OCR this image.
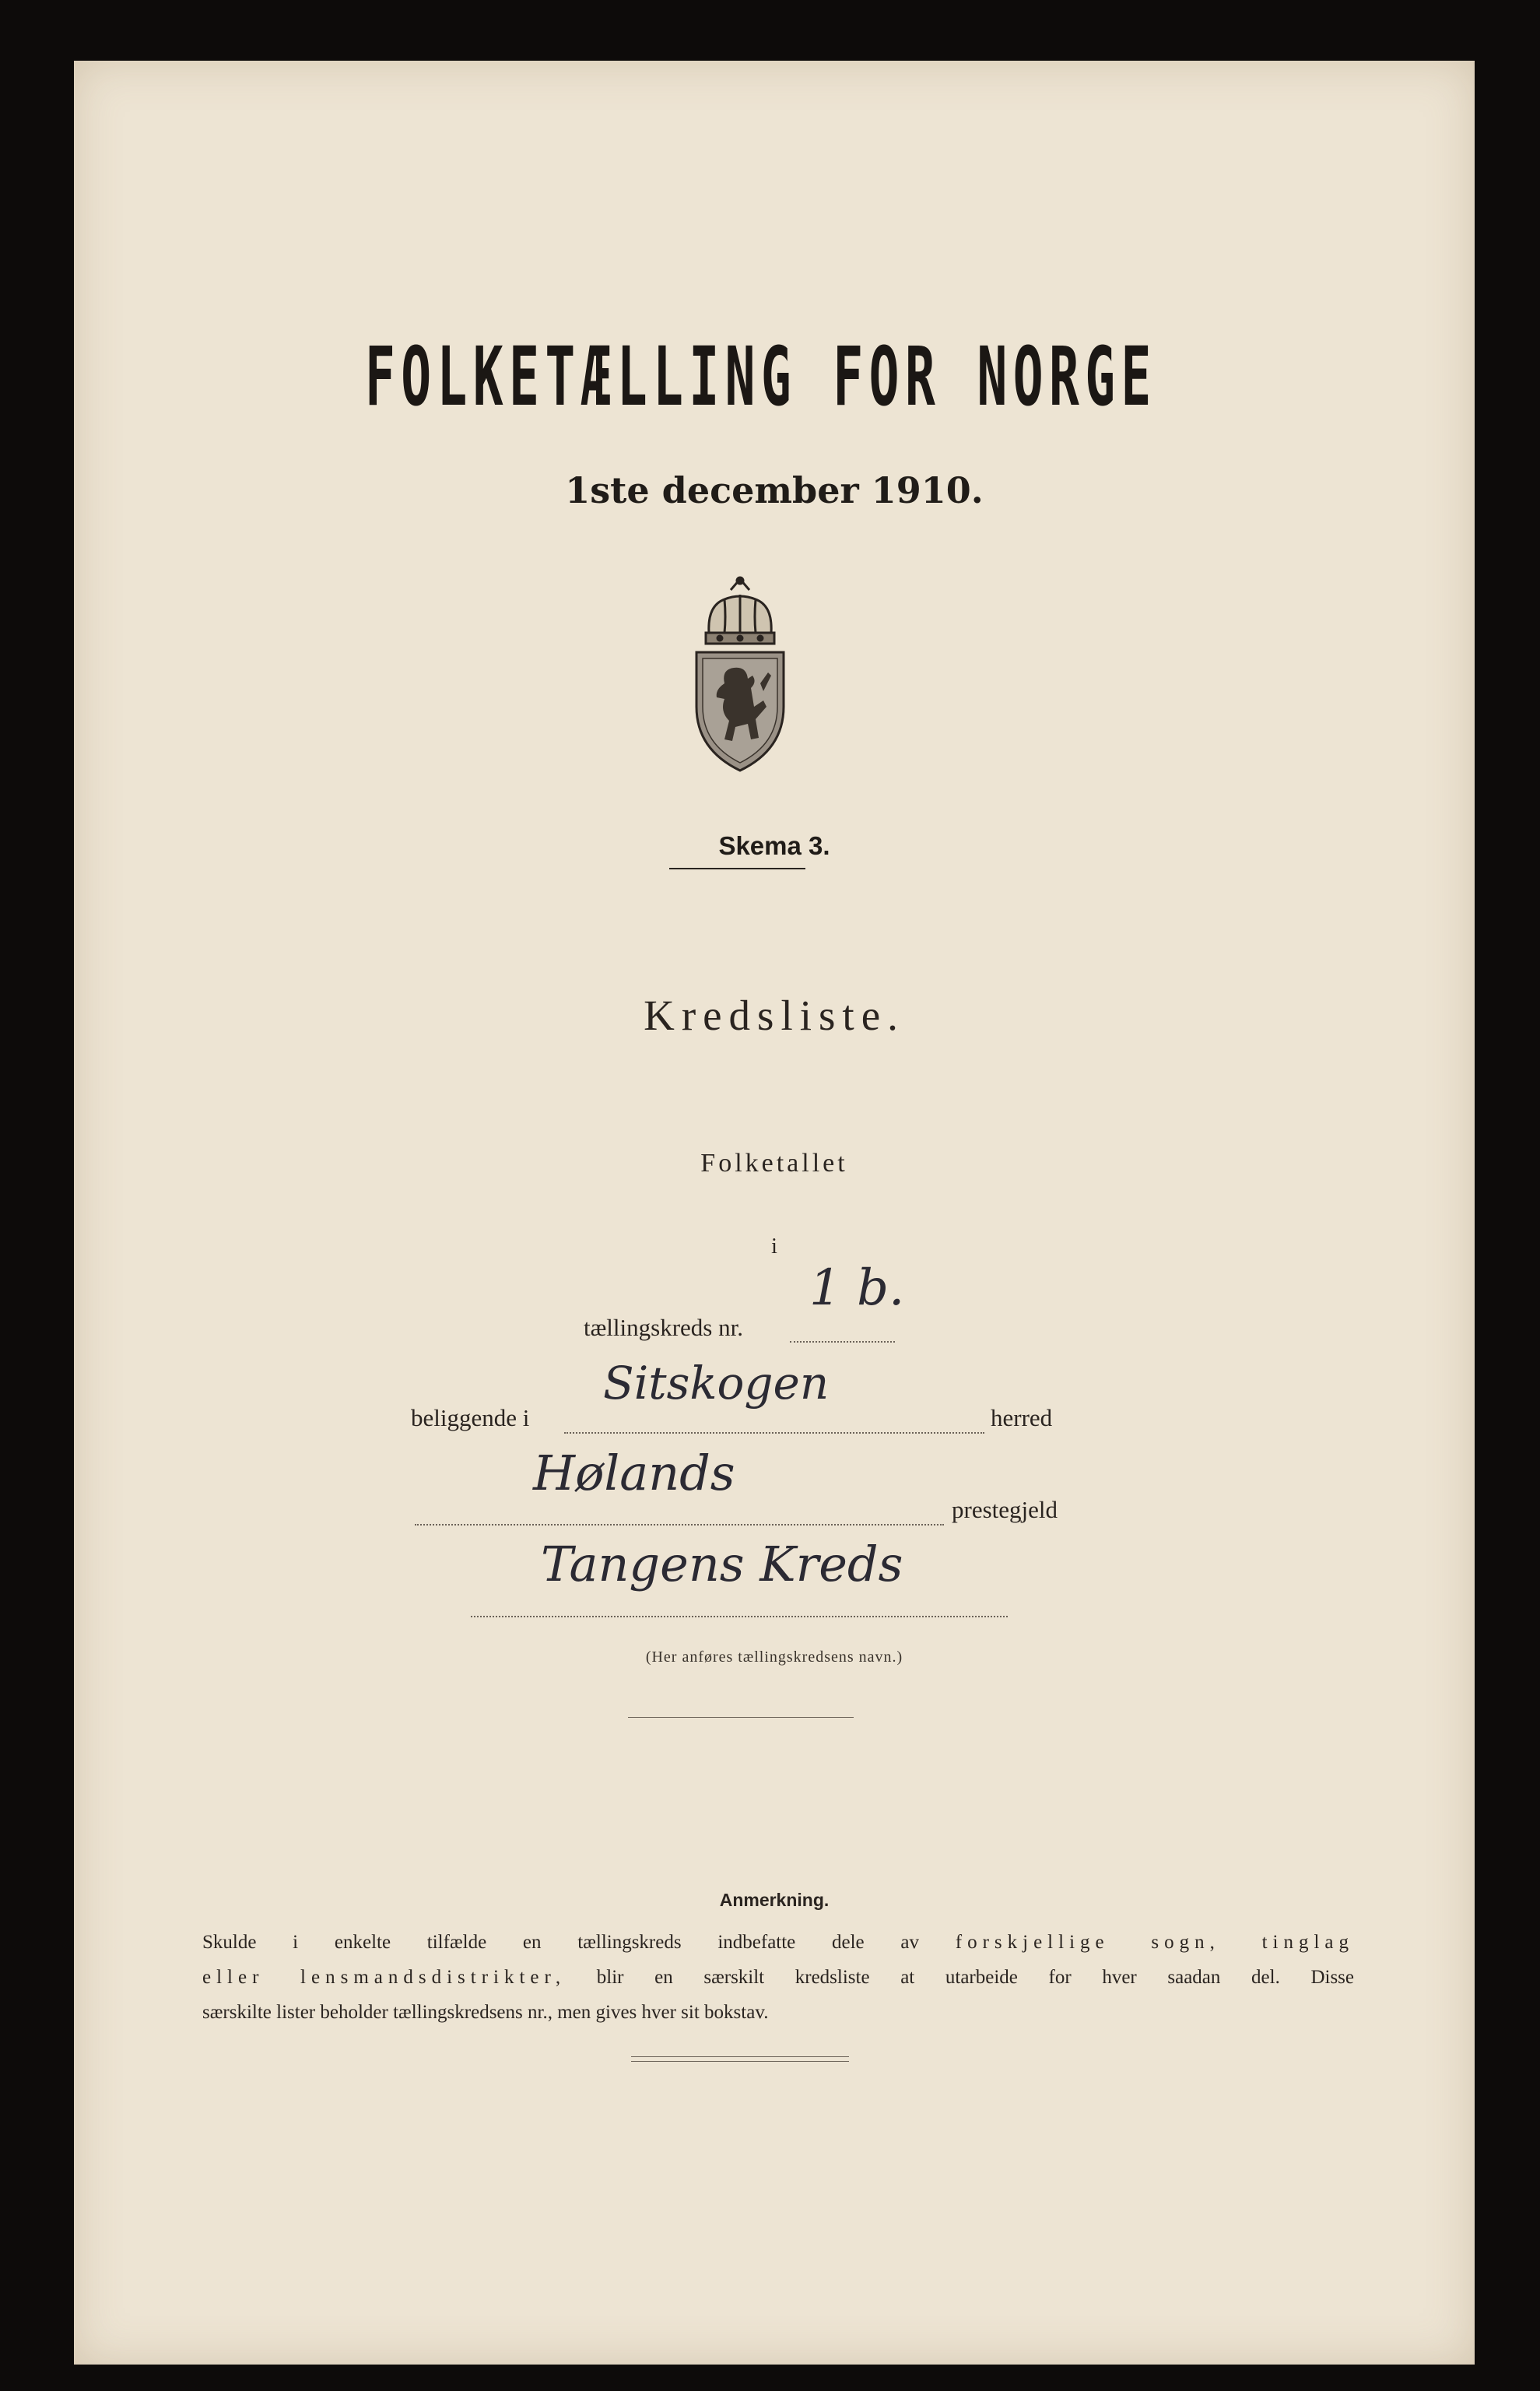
FOLKETÆLLING FOR NORGE
1ste december 1910.
Skema 3.
Kredsliste.
Folketallet
i
tællingskreds nr.
1 b.
beliggende i
Sitskogen
herred
Hølands
prestegjeld
Tangens Kreds
(Her anføres tællingskredsens navn.)
Anmerkning.
Skulde i enkelte tilfælde en tællingskreds indbefatte dele av forskjellige sogn, tinglag
eller lensmandsdistrikter, blir en særskilt kredsliste at utarbeide for hver saadan del. Disse
særskilte lister beholder tællingskredsens nr., men gives hver sit bokstav.
